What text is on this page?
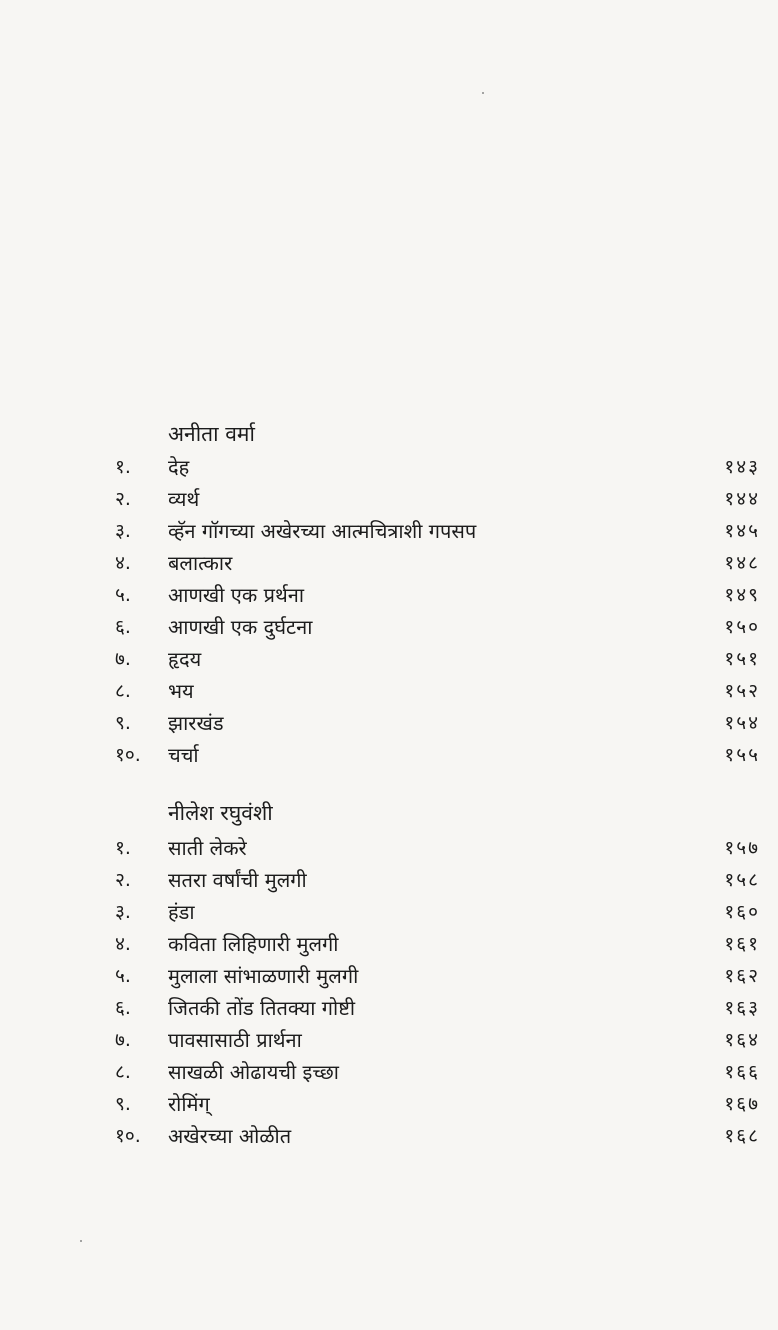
अनीता वर्मा
१. देह	१४३
२. व्यर्थ	१४४
३. व्हॅन गॉगच्या अखेरच्या आत्मचित्राशी गपसप	१४५
४. बलात्कार	१४८
५. आणखी एक प्रर्थना	१४९
६. आणखी एक दुर्घटना	१५०
७. हृदय	१५१
८. भय	१५२
९. झारखंड	१५४
१०. चर्चा	१५५
नीलेश रघुवंशी
१. साती लेकरे	१५७
२. सतरा वर्षांची मुलगी	१५८
३. हंडा	१६०
४. कविता लिहिणारी मुलगी	१६१
५. मुलाला सांभाळणारी मुलगी	१६२
६. जितकी तोंड तितक्या गोष्टी	१६३
७. पावसासाठी प्रार्थना	१६४
८. साखळी ओढायची इच्छा	१६६
९. रोमिंग्	१६७
१०. अखेरच्या ओळीत	१६८
